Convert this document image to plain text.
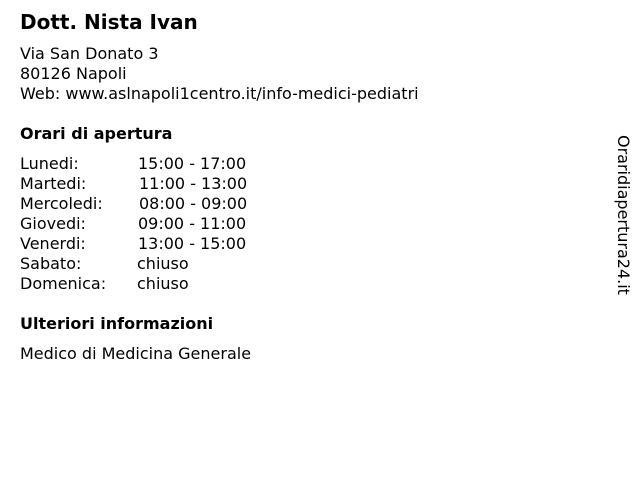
Dott. Nista Ivan
Via San Donato 3
80126 Napoli
Web: www.aslnapoli1centro.it/info-medici-pediatri
Orari di apertura
Lunedi:	15:00 - 17:00
Martedi:	11:00 - 13:00
Mercoledi: 08:00 - 09:00
Giovedi:	09:00 - 11:00
Venerdi:	13:00 - 15:00
Sabato:	chiuso
Domenica: chiuso
Ulteriori informazioni
Medico di Medicina Generale
Oraridiapertura24.it
